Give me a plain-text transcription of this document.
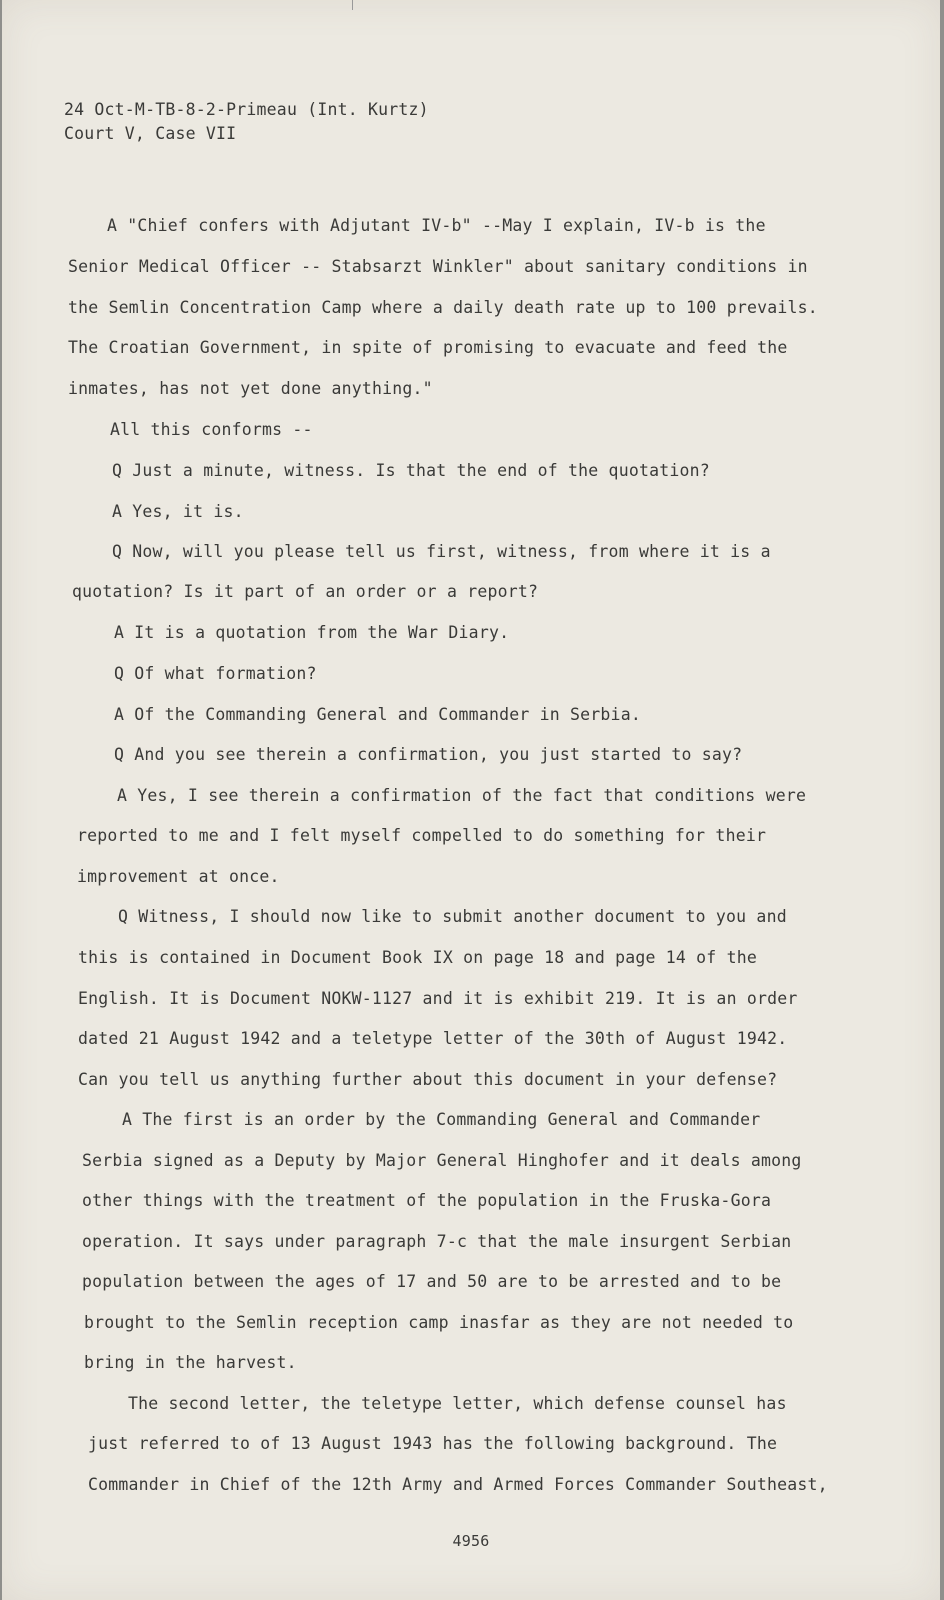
24 Oct-M-TB-8-2-Primeau (Int. Kurtz)
Court V, Case VII
A "Chief confers with Adjutant IV-b" --May I explain, IV-b is the
Senior Medical Officer -- Stabsarzt Winkler" about sanitary conditions in
the Semlin Concentration Camp where a daily death rate up to 100 prevails.
The Croatian Government, in spite of promising to evacuate and feed the
inmates, has not yet done anything."
All this conforms --
Q Just a minute, witness. Is that the end of the quotation?
A Yes, it is.
Q Now, will you please tell us first, witness, from where it is a
quotation? Is it part of an order or a report?
A It is a quotation from the War Diary.
Q Of what formation?
A Of the Commanding General and Commander in Serbia.
Q And you see therein a confirmation, you just started to say?
A Yes, I see therein a confirmation of the fact that conditions were
reported to me and I felt myself compelled to do something for their
improvement at once.
Q Witness, I should now like to submit another document to you and
this is contained in Document Book IX on page 18 and page 14 of the
English. It is Document NOKW-1127 and it is exhibit 219. It is an order
dated 21 August 1942 and a teletype letter of the 30th of August 1942.
Can you tell us anything further about this document in your defense?
A The first is an order by the Commanding General and Commander
Serbia signed as a Deputy by Major General Hinghofer and it deals among
other things with the treatment of the population in the Fruska-Gora
operation. It says under paragraph 7-c that the male insurgent Serbian
population between the ages of 17 and 50 are to be arrested and to be
brought to the Semlin reception camp inasfar as they are not needed to
bring in the harvest.
The second letter, the teletype letter, which defense counsel has
just referred to of 13 August 1943 has the following background. The
Commander in Chief of the 12th Army and Armed Forces Commander Southeast,
4956
